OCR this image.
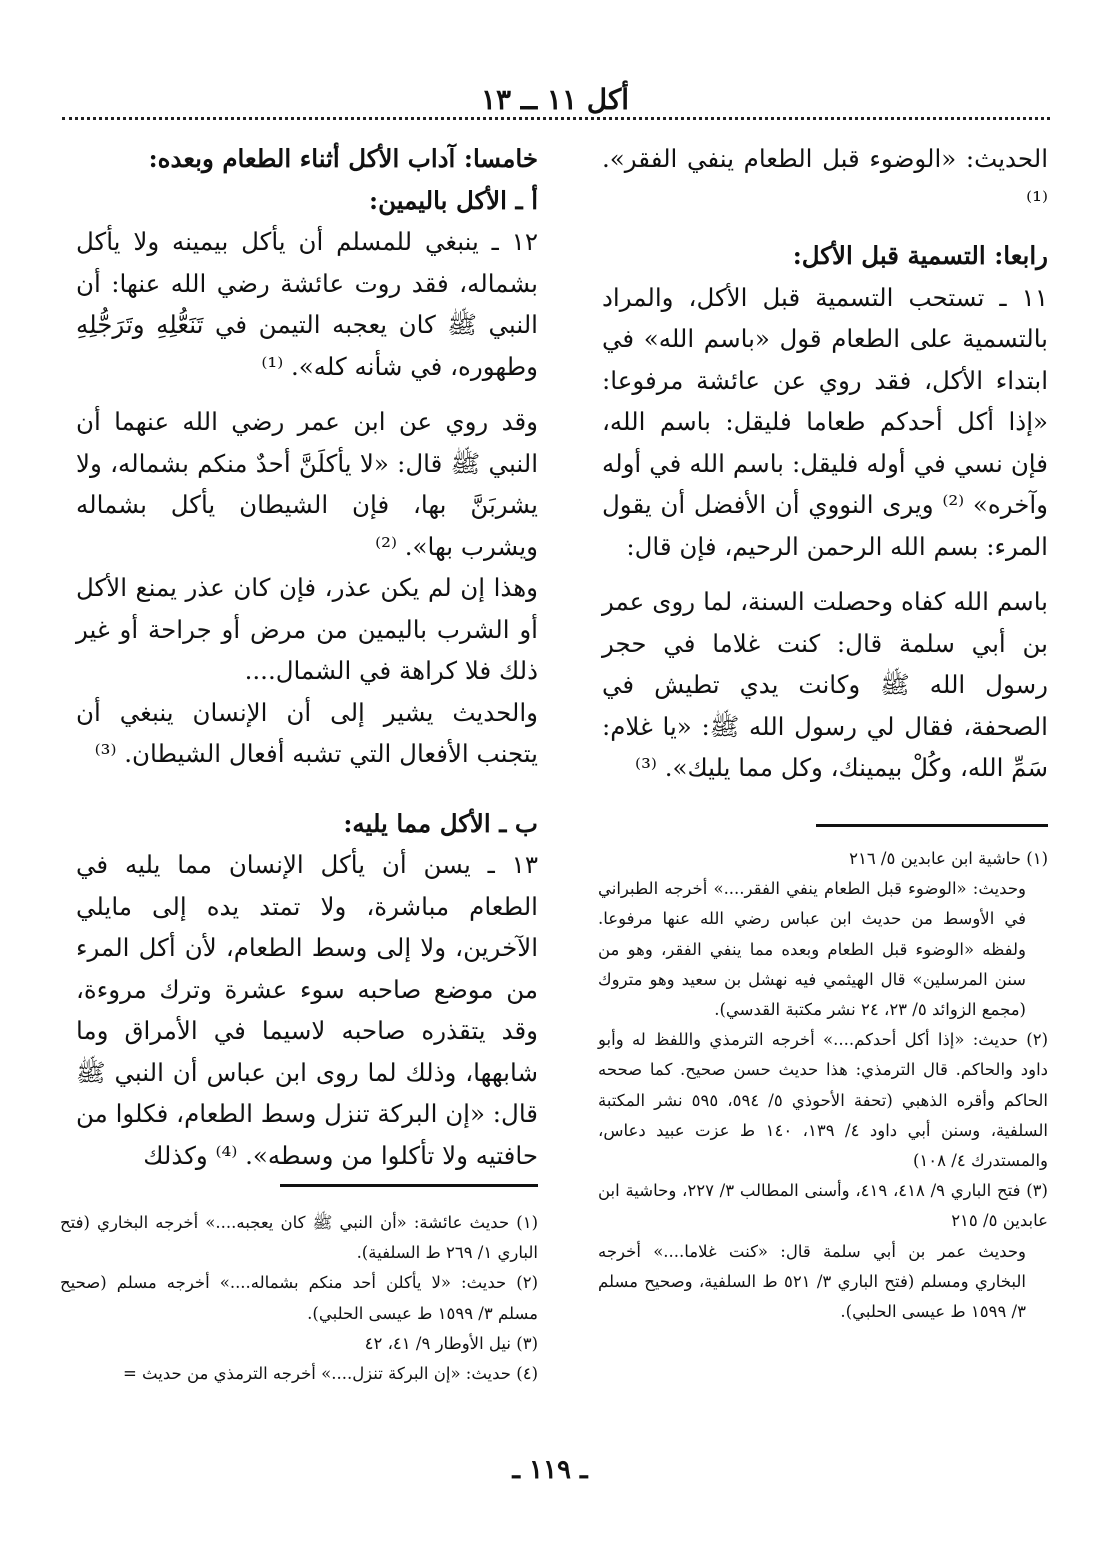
أكل ١١ ــ ١٣

الحديث: «الوضوء قبل الطعام ينفي الفقر». ⁽¹⁾

رابعا: التسمية قبل الأكل:

١١ ـ تستحب التسمية قبل الأكل، والمراد بالتسمية على الطعام قول «باسم الله» في ابتداء الأكل، فقد روي عن عائشة مرفوعا: «إذا أكل أحدكم طعاما فليقل: باسم الله، فإن نسي في أوله فليقل: باسم الله في أوله وآخره» ⁽²⁾ ويرى النووي أن الأفضل أن يقول المرء: بسم الله الرحمن الرحيم، فإن قال:

باسم الله كفاه وحصلت السنة، لما روى عمر بن أبي سلمة قال: كنت غلاما في حجر رسول الله ﷺ وكانت يدي تطيش في الصحفة، فقال لي رسول الله ﷺ: «يا غلام: سَمِّ الله، وكُلْ بيمينك، وكل مما يليك». ⁽³⁾

خامسا: آداب الأكل أثناء الطعام وبعده:

أ ـ الأكل باليمين:

١٢ ـ ينبغي للمسلم أن يأكل بيمينه ولا يأكل بشماله، فقد روت عائشة رضي الله عنها: أن النبي ﷺ كان يعجبه التيمن في تَنَعُّلِهِ وتَرَجُّلِهِ وطهوره، في شأنه كله». ⁽¹⁾

وقد روي عن ابن عمر رضي الله عنهما أن النبي ﷺ قال: «لا يأكلَنَّ أحدٌ منكم بشماله، ولا يشربَنَّ بها، فإن الشيطان يأكل بشماله ويشرب بها». ⁽²⁾

وهذا إن لم يكن عذر، فإن كان عذر يمنع الأكل أو الشرب باليمين من مرض أو جراحة أو غير ذلك فلا كراهة في الشمال....

والحديث يشير إلى أن الإنسان ينبغي أن يتجنب الأفعال التي تشبه أفعال الشيطان. ⁽³⁾

ب ـ الأكل مما يليه:

١٣ ـ يسن أن يأكل الإنسان مما يليه في الطعام مباشرة، ولا تمتد يده إلى مايلي الآخرين، ولا إلى وسط الطعام، لأن أكل المرء من موضع صاحبه سوء عشرة وترك مروءة، وقد يتقذره صاحبه لاسيما في الأمراق وما شابهها، وذلك لما روى ابن عباس أن النبي ﷺ قال: «إن البركة تنزل وسط الطعام، فكلوا من حافتيه ولا تأكلوا من وسطه». ⁽⁴⁾ وكذلك

(١) حاشية ابن عابدين ٥/ ٢١٦

وحديث: «الوضوء قبل الطعام ينفي الفقر....» أخرجه الطبراني في الأوسط من حديث ابن عباس رضي الله عنها مرفوعا. ولفظه «الوضوء قبل الطعام وبعده مما ينفي الفقر، وهو من سنن المرسلين» قال الهيثمي فيه نهشل بن سعيد وهو متروك (مجمع الزوائد ٥/ ٢٣، ٢٤ نشر مكتبة القدسي).

(٢) حديث: «إذا أكل أحدكم....» أخرجه الترمذي واللفظ له وأبو داود والحاكم. قال الترمذي: هذا حديث حسن صحيح. كما صححه الحاكم وأقره الذهبي (تحفة الأحوذي ٥/ ٥٩٤، ٥٩٥ نشر المكتبة السلفية، وسنن أبي داود ٤/ ١٣٩، ١٤٠ ط عزت عبيد دعاس، والمستدرك ٤/ ١٠٨)

(٣) فتح الباري ٩/ ٤١٨، ٤١٩، وأسنى المطالب ٣/ ٢٢٧، وحاشية ابن عابدين ٥/ ٢١٥

وحديث عمر بن أبي سلمة قال: «كنت غلاما....» أخرجه البخاري ومسلم (فتح الباري ٣/ ٥٢١ ط السلفية، وصحيح مسلم ٣/ ١٥٩٩ ط عيسى الحلبي).

(١) حديث عائشة: «أن النبي ﷺ كان يعجبه....» أخرجه البخاري (فتح الباري ١/ ٢٦٩ ط السلفية).

(٢) حديث: «لا يأكلن أحد منكم بشماله....» أخرجه مسلم (صحيح مسلم ٣/ ١٥٩٩ ط عيسى الحلبي).

(٣) نيل الأوطار ٩/ ٤١، ٤٢

(٤) حديث: «إن البركة تنزل....» أخرجه الترمذي من حديث =

ـ ١١٩ ـ
